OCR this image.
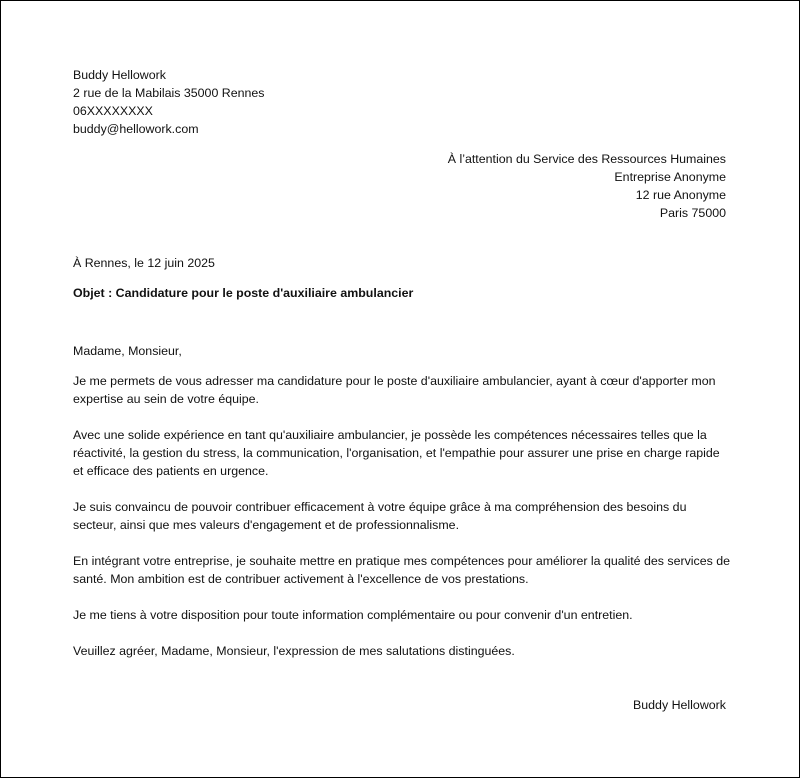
Buddy Hellowork
2 rue de la Mabilais 35000 Rennes
06XXXXXXXX
buddy@hellowork.com
À l’attention du Service des Ressources Humaines
Entreprise Anonyme
12 rue Anonyme
Paris 75000
À Rennes, le 12 juin 2025
Objet : Candidature pour le poste d'auxiliaire ambulancier
Madame, Monsieur,

Je me permets de vous adresser ma candidature pour le poste d'auxiliaire ambulancier, ayant à cœur d'apporter mon expertise au sein de votre équipe.

Avec une solide expérience en tant qu'auxiliaire ambulancier, je possède les compétences nécessaires telles que la réactivité, la gestion du stress, la communication, l'organisation, et l'empathie pour assurer une prise en charge rapide et efficace des patients en urgence.

Je suis convaincu de pouvoir contribuer efficacement à votre équipe grâce à ma compréhension des besoins du secteur, ainsi que mes valeurs d'engagement et de professionnalisme.

En intégrant votre entreprise, je souhaite mettre en pratique mes compétences pour améliorer la qualité des services de santé. Mon ambition est de contribuer activement à l'excellence de vos prestations.

Je me tiens à votre disposition pour toute information complémentaire ou pour convenir d'un entretien.

Veuillez agréer, Madame, Monsieur, l'expression de mes salutations distinguées.

Buddy Hellowork
